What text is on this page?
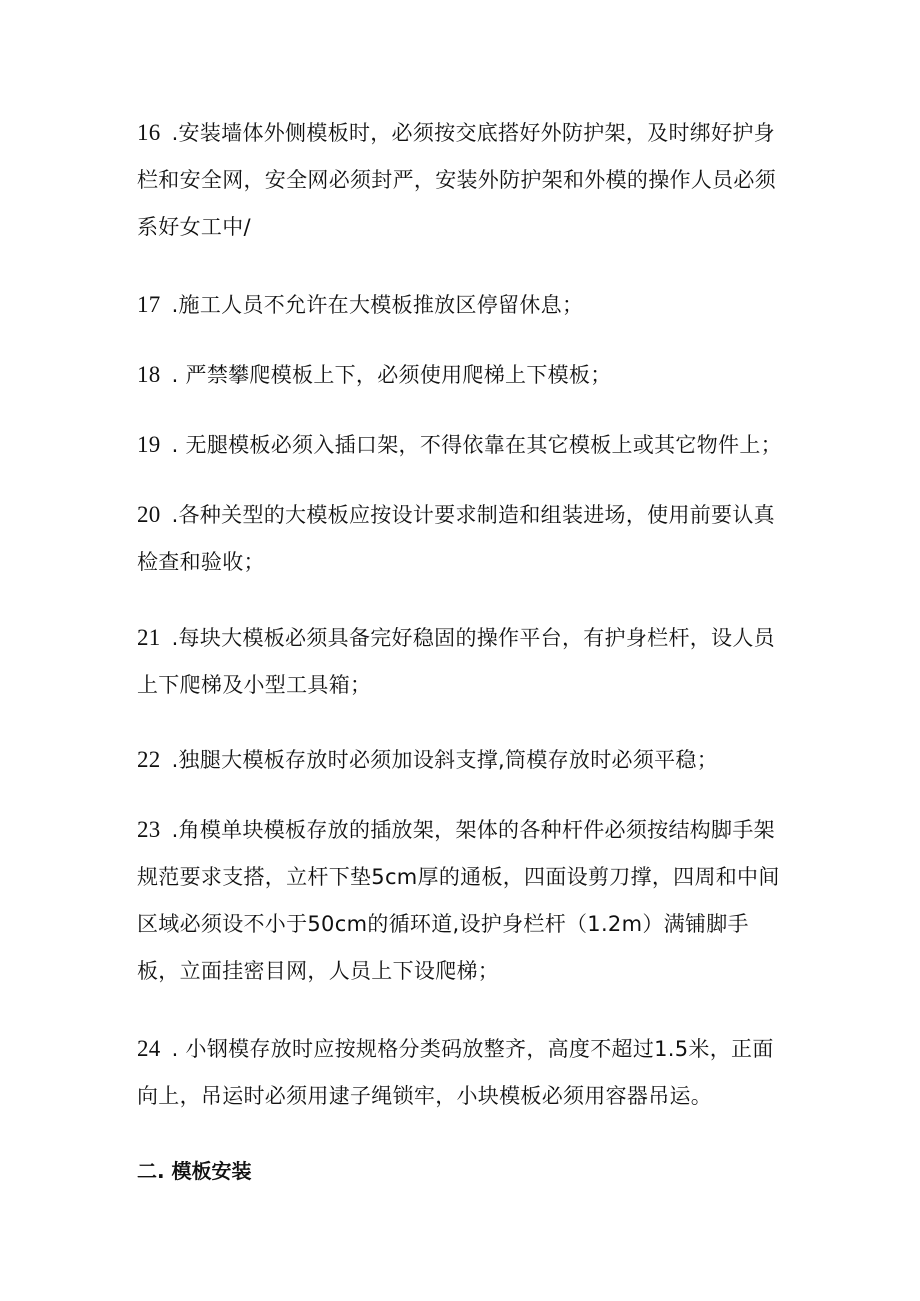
16 .安装墙体外侧模板时，必须按交底搭好外防护架，及时绑好护身栏和安全网，安全网必须封严，安装外防护架和外模的操作人员必须系好女工中/

17 .施工人员不允许在大模板推放区停留休息；

18 . 严禁攀爬模板上下，必须使用爬梯上下模板；

19 . 无腿模板必须入插口架，不得依靠在其它模板上或其它物件上；

20 .各种关型的大模板应按设计要求制造和组装进场，使用前要认真检查和验收；

21 .每块大模板必须具备完好稳固的操作平台，有护身栏杆，设人员上下爬梯及小型工具箱；

22 .独腿大模板存放时必须加设斜支撑,筒模存放时必须平稳；

23 .角模单块模板存放的插放架，架体的各种杆件必须按结构脚手架规范要求支搭，立杆下垫5cm厚的通板，四面设剪刀撑，四周和中间区域必须设不小于50cm的循环道,设护身栏杆（1.2m）满铺脚手板，立面挂密目网，人员上下设爬梯；

24 . 小钢模存放时应按规格分类码放整齐，高度不超过1.5米，正面向上，吊运时必须用逮子绳锁牢，小块模板必须用容器吊运。

二. 模板安装
